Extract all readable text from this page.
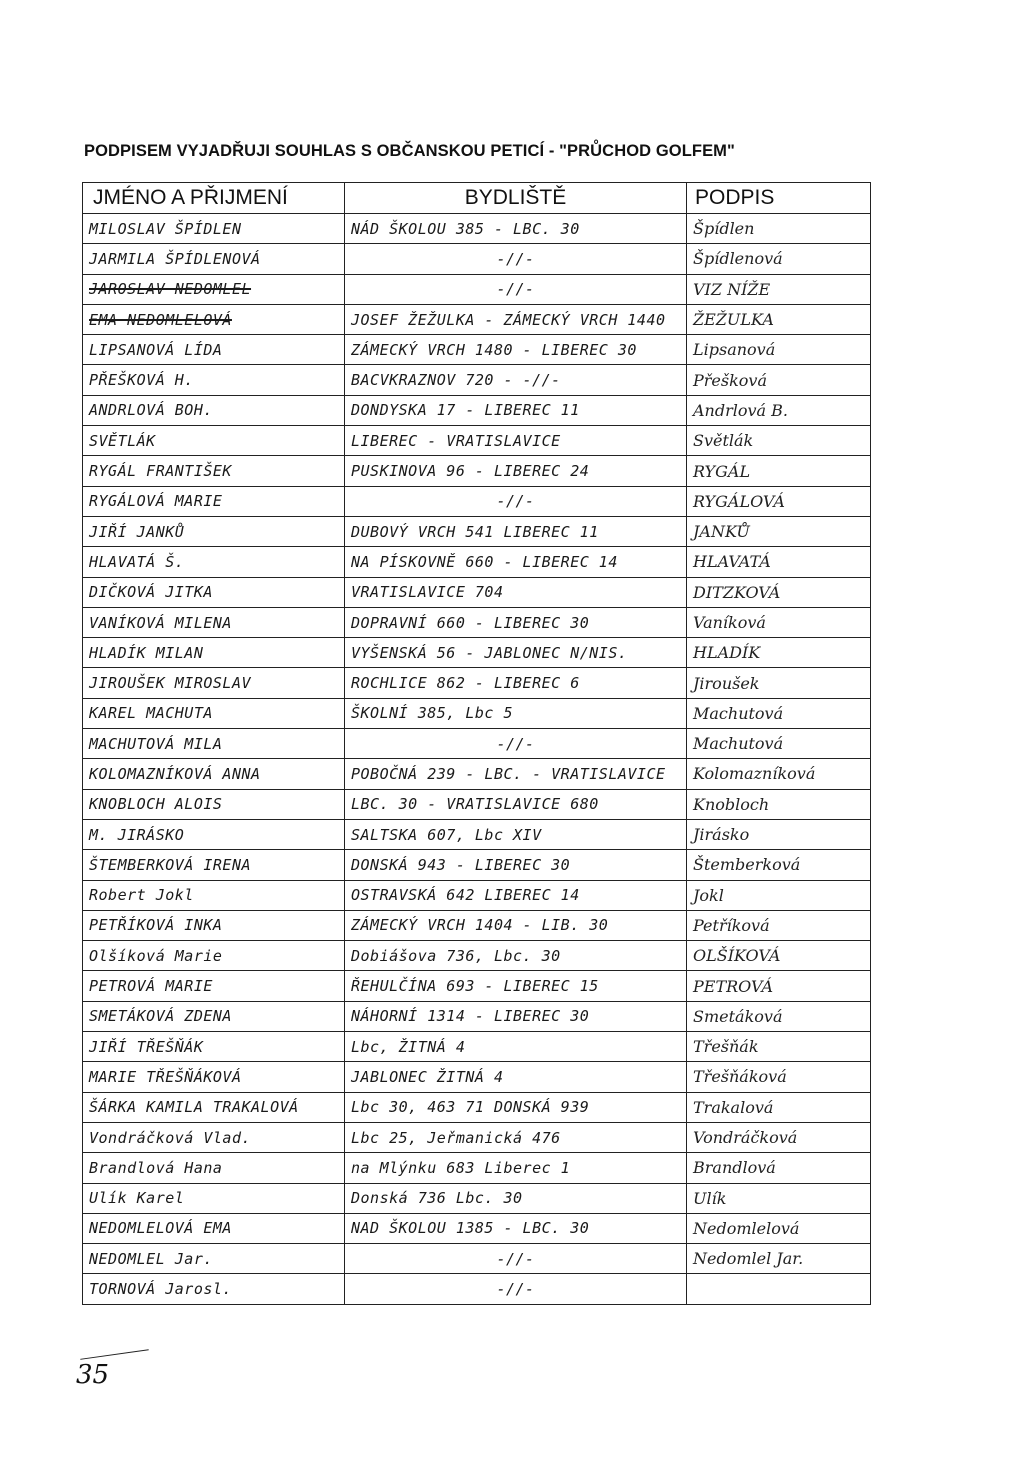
PODPISEM VYJADŘUJI SOUHLAS S OBČANSKOU PETICÍ - "PRŮCHOD GOLFEM"
JMÉNO A PŘIJMENÍ	BYDLIŠTĚ	PODPIS
MILOSLAV ŠPÍDLEN	NÁD ŠKOLOU 385 - LBC. 30	Špídlen
JARMILA ŠPÍDLENOVÁ	-//-	Špídlenová
JAROSLAV NEDOMLEL	-//-	VIZ NÍŽE
EMA NEDOMLELOVÁ	JOSEF ŽEŽULKA - ZÁMECKÝ VRCH 1440	ŽEŽULKA
LIPSANOVÁ LÍDA	ZÁMECKÝ VRCH 1480 - LIBEREC 30	Lipsanová
PŘEŠKOVÁ H.	BACVKRAZNOV 720 - -//-	Přešková
ANDRLOVÁ BOH.	DONDYSKA 17 - LIBEREC 11	Andrlová B.
SVĚTLÁK	LIBEREC - VRATISLAVICE	Světlák
RYGÁL FRANTIŠEK	PUSKINOVA 96 - LIBEREC 24	RYGÁL
RYGÁLOVÁ MARIE	-//-	RYGÁLOVÁ
JIŘÍ JANKŮ	DUBOVÝ VRCH 541 LIBEREC 11	JANKŮ
HLAVATÁ Š.	NA PÍSKOVNĚ 660 - LIBEREC 14	HLAVATÁ
DIČKOVÁ JITKA	VRATISLAVICE 704	DITZKOVÁ
VANÍKOVÁ MILENA	DOPRAVNÍ 660 - LIBEREC 30	Vaníková
HLADÍK MILAN	VYŠENSKÁ 56 - JABLONEC N/NIS.	HLADÍK
JIROUŠEK MIROSLAV	ROCHLICE 862 - LIBEREC 6	Jiroušek
KAREL MACHUTA	ŠKOLNÍ 385, Lbc 5	Machutová
MACHUTOVÁ MILA	-//-	Machutová
KOLOMAZNÍKOVÁ ANNA	POBOČNÁ 239 - LBC. - VRATISLAVICE	Kolomazníková
KNOBLOCH ALOIS	LBC. 30 - VRATISLAVICE 680	Knobloch
M. JIRÁSKO	SALTSKA 607, Lbc XIV	Jirásko
ŠTEMBERKOVÁ IRENA	DONSKÁ 943 - LIBEREC 30	Štemberková
Robert Jokl	OSTRAVSKÁ 642 LIBEREC 14	Jokl
PETŘÍKOVÁ INKA	ZÁMECKÝ VRCH 1404 - LIB. 30	Petříková
Olšíková Marie	Dobiášova 736, Lbc. 30	OLŠÍKOVÁ
PETROVÁ MARIE	ŘEHULČÍNA 693 - LIBEREC 15	PETROVÁ
SMETÁKOVÁ ZDENA	NÁHORNÍ 1314 - LIBEREC 30	Smetáková
JIŘÍ TŘEŠŇÁK	Lbc, ŽITNÁ 4	Třešňák
MARIE TŘEŠŇÁKOVÁ	JABLONEC ŽITNÁ 4	Třešňáková
ŠÁRKA KAMILA TRAKALOVÁ	Lbc 30, 463 71 DONSKÁ 939	Trakalová
Vondráčková Vlad.	Lbc 25, Jeřmanická 476	Vondráčková
Brandlová Hana	na Mlýnku 683 Liberec 1	Brandlová
Ulík Karel	Donská 736 Lbc. 30	Ulík
NEDOMLELOVÁ EMA	NAD ŠKOLOU 1385 - LBC. 30	Nedomlelová
NEDOMLEL Jar.	-//-	Nedomlel Jar.
TORNOVÁ Jarosl.	-//-	
35
